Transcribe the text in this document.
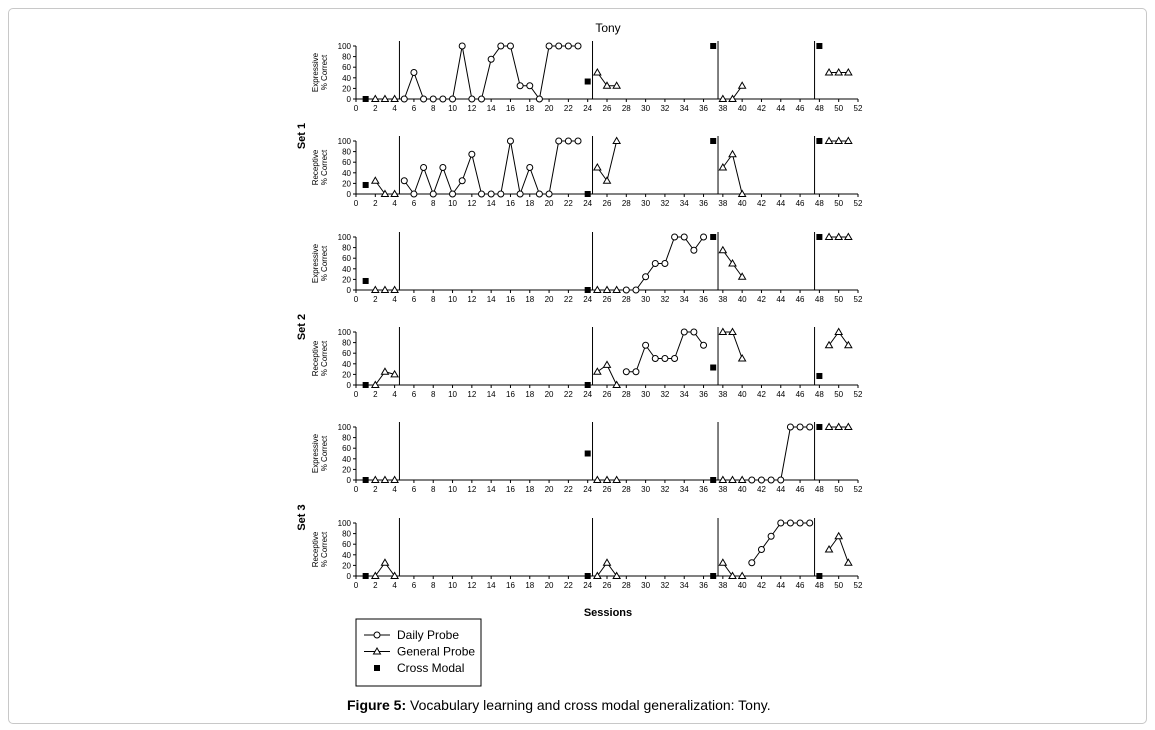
Tony
Set 1
Expressive % Correct
0
20
40
60
80
100
0 2 4 6 8 10 12 14 16 18 20 22 24 26 28 30 32 34 36 38 40 42 44 46 48 50 52
Receptive % Correct
0
20
40
60
80
100
0 2 4 6 8 10 12 14 16 18 20 22 24 26 28 30 32 34 36 38 40 42 44 46 48 50 52
Set 2
Expressive % Correct
0
20
40
60
80
100
0 2 4 6 8 10 12 14 16 18 20 22 24 26 28 30 32 34 36 38 40 42 44 46 48 50 52
Receptive % Correct
0
20
40
60
80
100
0 2 4 6 8 10 12 14 16 18 20 22 24 26 28 30 32 34 36 38 40 42 44 46 48 50 52
Set 3
Expressive % Correct
0
20
40
60
80
100
0 2 4 6 8 10 12 14 16 18 20 22 24 26 28 30 32 34 36 38 40 42 44 46 48 50 52
Receptive % Correct
0
20
40
60
80
100
0 2 4 6 8 10 12 14 16 18 20 22 24 26 28 30 32 34 36 38 40 42 44 46 48 50 52
Sessions
Daily Probe
General Probe
Cross Modal
Figure 5: Vocabulary learning and cross modal generalization: Tony.
